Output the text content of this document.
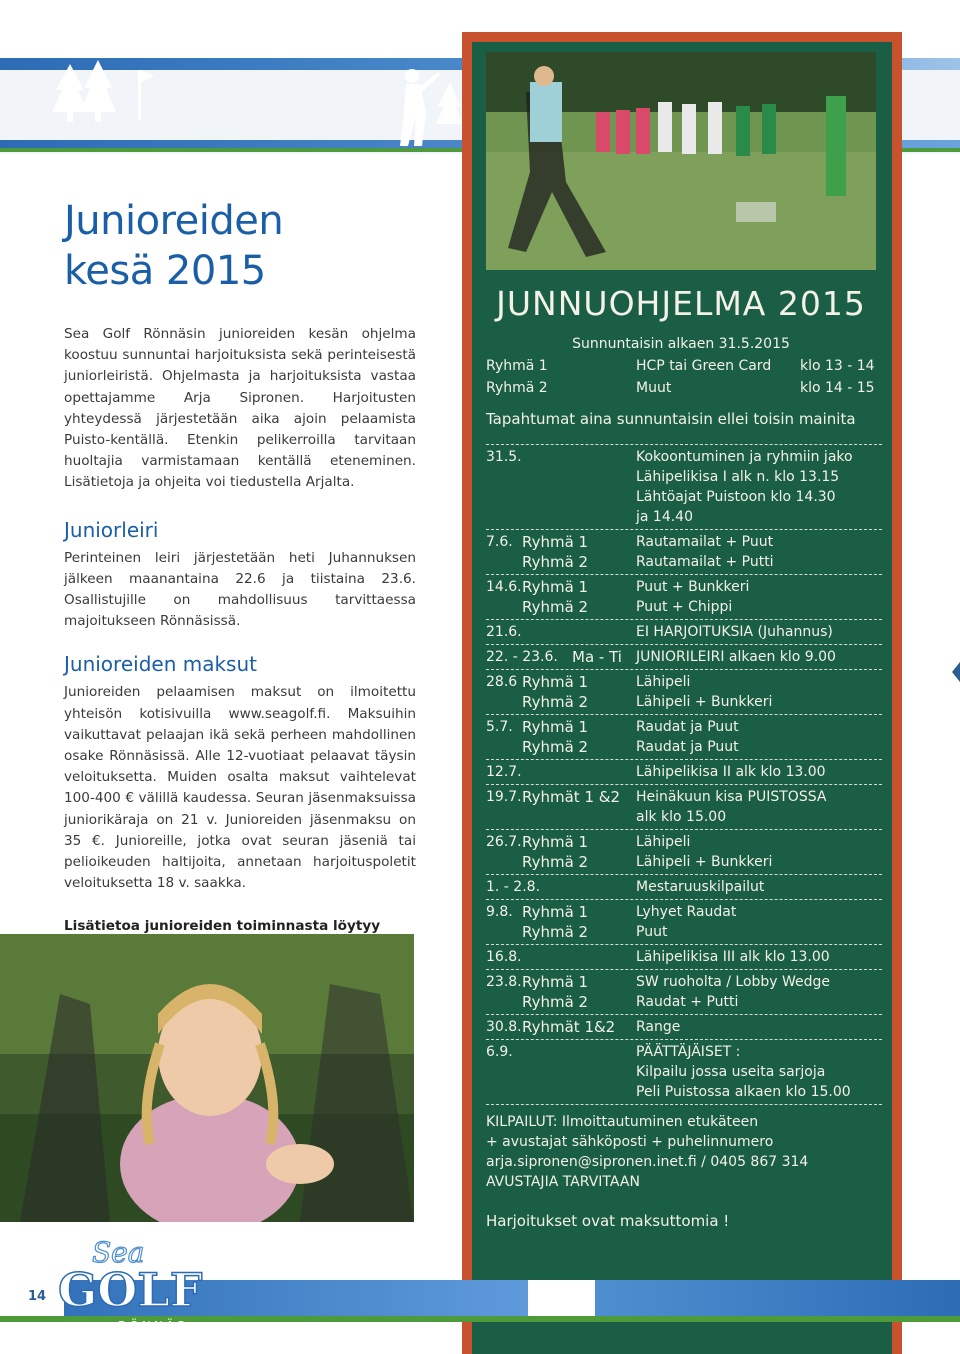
Junioreiden
kesä 2015

Sea Golf Rönnäsin junioreiden kesän ohjelma koostuu sunnuntai harjoituksista sekä perinteisestä juniorleiristä. Ohjelmasta ja harjoituksista vastaa opettajamme Arja Sipronen. Harjoitusten yhteydessä järjestetään aika ajoin pelaamista Puisto-kentällä. Etenkin pelikerroilla tarvitaan huoltajia varmistamaan kentällä eteneminen. Lisätietoja ja ohjeita voi tiedustella Arjalta.

Juniorleiri

Perinteinen leiri järjestetään heti Juhannuksen jälkeen maanantaina 22.6 ja tiistaina 23.6. Osallistujille on mahdollisuus tarvittaessa majoitukseen Rönnäsissä.

Junioreiden maksut

Junioreiden pelaamisen maksut on ilmoitettu yhteisön kotisivuilla www.seagolf.fi. Maksuihin vaikuttavat pelaajan ikä sekä perheen mahdollinen osake Rönnäsissä. Alle 12-vuotiaat pelaavat täysin veloituksetta. Muiden osalta maksut vaihtelevat 100-400 € välillä kaudessa. Seuran jäsenmaksuissa juniorikäraja on 21 v. Junioreiden jäsenmaksu on 35 €. Junioreille, jotka ovat seuran jäseniä tai pelioikeuden haltijoita, annetaan harjoituspoletit veloituksetta 18 v. saakka.

Lisätietoa junioreiden toiminnasta löytyy

JUNNUOHJELMA 2015
Sunnuntaisin alkaen 31.5.2015
Ryhmä 1	HCP tai Green Card klo 13 - 14
Ryhmä 2	Muut	klo 14 - 15
Tapahtumat aina sunnuntaisin ellei toisin mainita
31.5.	Kokoontuminen ja ryhmiin jako
Lähipelikisa I alk n. klo 13.15
Lähtöajat Puistoon klo 14.30
ja 14.40
7.6. Ryhmä 1	Rautamailat + Puut
Ryhmä 2	Rautamailat + Putti
14.6. Ryhmä 1	Puut + Bunkkeri
Ryhmä 2	Puut + Chippi
21.6.	EI HARJOITUKSIA (Juhannus)
22. - 23.6. Ma - Ti	JUNIORILEIRI alkaen klo 9.00
28.6 Ryhmä 1	Lähipeli
Ryhmä 2	Lähipeli + Bunkkeri
5.7. Ryhmä 1	Raudat ja Puut
Ryhmä 2	Raudat ja Puut
12.7.	Lähipelikisa II alk klo 13.00
19.7. Ryhmät 1 &2	Heinäkuun kisa PUISTOSSA
alk klo 15.00
26.7. Ryhmä 1	Lähipeli
Ryhmä 2	Lähipeli + Bunkkeri
1. - 2.8.	Mestaruuskilpailut
9.8. Ryhmä 1	Lyhyet Raudat
Ryhmä 2	Puut
16.8.	Lähipelikisa III alk klo 13.00
23.8. Ryhmä 1	SW ruoholta / Lobby Wedge
Ryhmä 2	Raudat + Putti
30.8. Ryhmät 1&2	Range
6.9.	PÄÄTTÄJÄISET :
Kilpailu jossa useita sarjoja
Peli Puistossa alkaen klo 15.00
KILPAILUT: Ilmoittautuminen etukäteen
+ avustajat sähköposti + puhelinnumero
arja.sipronen@sipronen.inet.fi / 0405 867 314
AVUSTAJIA TARVITAAN
Harjoitukset ovat maksuttomia !
14
Sea
GOLF
RÖNNÄS
